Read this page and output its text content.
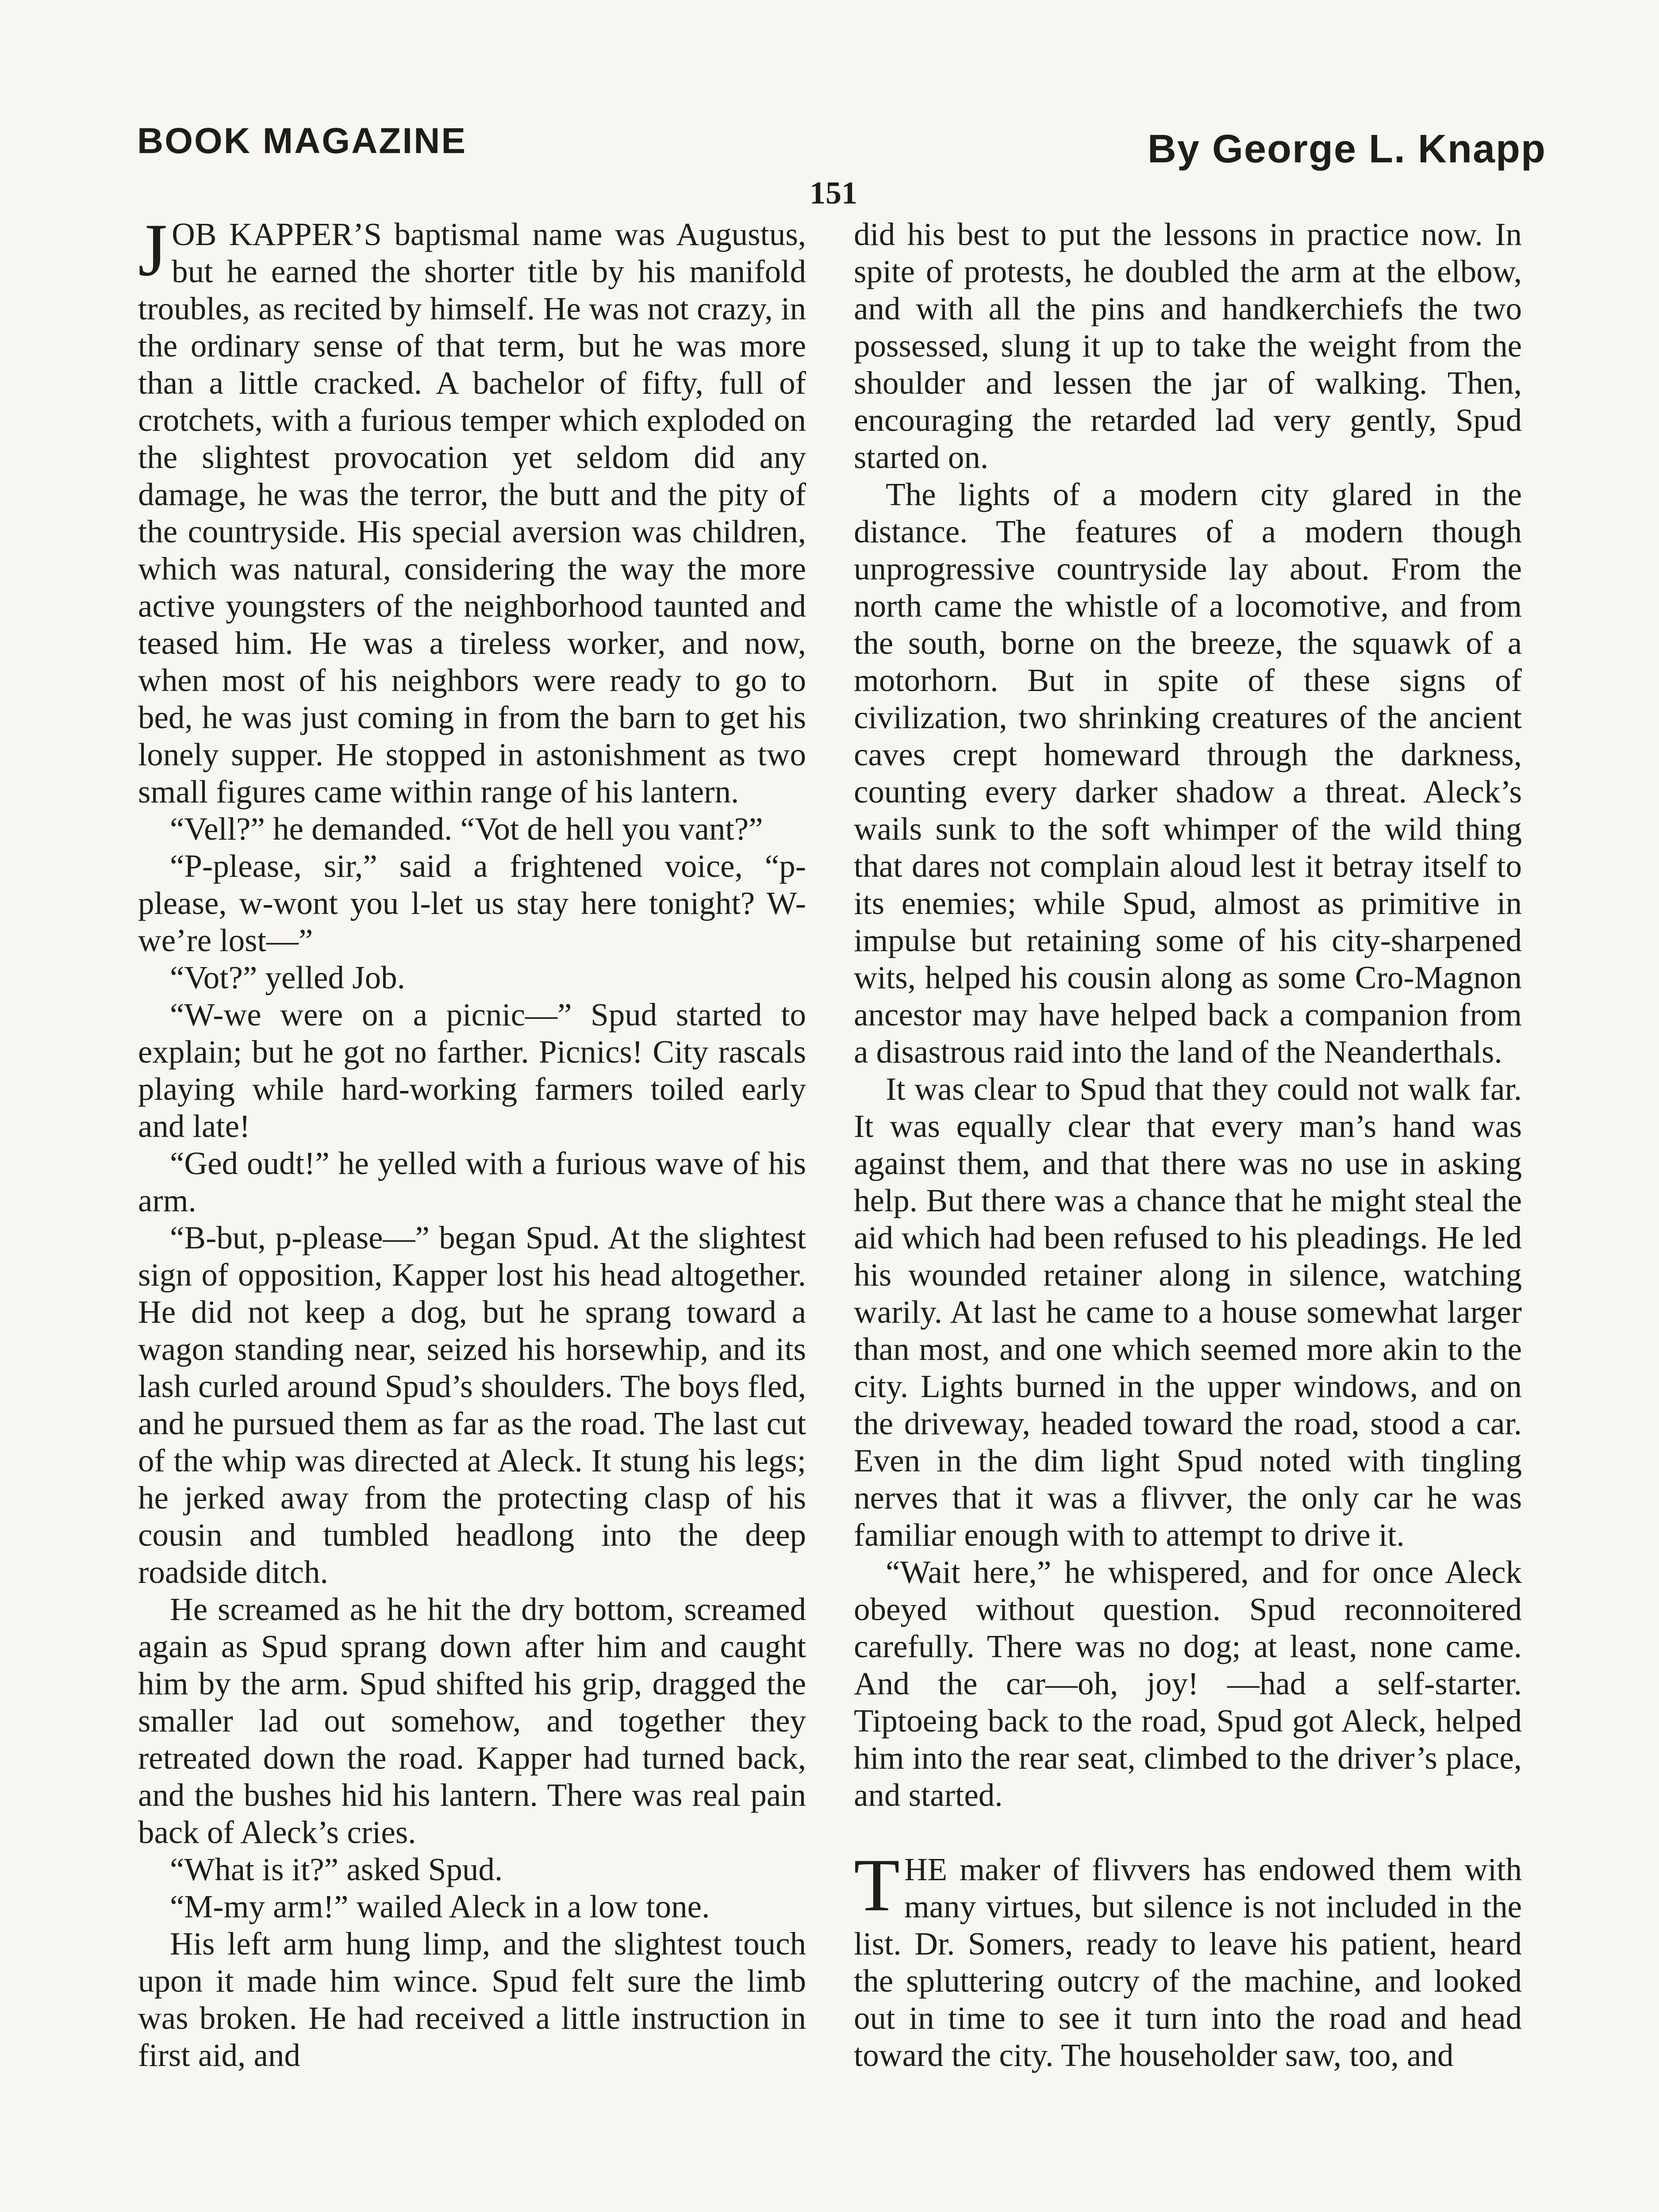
BOOK MAGAZINE	By George L. Knapp
151

JOB KAPPER’S baptismal name was Augustus, but he earned the shorter title by his manifold troubles, as recited by himself. He was not crazy, in the ordinary sense of that term, but he was more than a little cracked. A bachelor of fifty, full of crotchets, with a furious temper which exploded on the slightest provocation yet seldom did any damage, he was the terror, the butt and the pity of the countryside. His special aversion was children, which was natural, considering the way the more active youngsters of the neighborhood taunted and teased him. He was a tireless worker, and now, when most of his neighbors were ready to go to bed, he was just coming in from the barn to get his lonely supper. He stopped in astonishment as two small figures came within range of his lantern.

“Vell?” he demanded. “Vot de hell you vant?”

“P-please, sir,” said a frightened voice, “p-please, w-wont you l-let us stay here tonight? W-we’re lost—”

“Vot?” yelled Job.

“W-we were on a picnic—” Spud started to explain; but he got no farther. Picnics! City rascals playing while hard-working farmers toiled early and late!

“Ged oudt!” he yelled with a furious wave of his arm.

“B-but, p-please—” began Spud. At the slightest sign of opposition, Kapper lost his head altogether. He did not keep a dog, but he sprang toward a wagon standing near, seized his horsewhip, and its lash curled around Spud’s shoulders. The boys fled, and he pursued them as far as the road. The last cut of the whip was directed at Aleck. It stung his legs; he jerked away from the protecting clasp of his cousin and tumbled headlong into the deep roadside ditch.

He screamed as he hit the dry bottom, screamed again as Spud sprang down after him and caught him by the arm. Spud shifted his grip, dragged the smaller lad out somehow, and together they retreated down the road. Kapper had turned back, and the bushes hid his lantern. There was real pain back of Aleck’s cries.

“What is it?” asked Spud.

“M-my arm!” wailed Aleck in a low tone.

His left arm hung limp, and the slightest touch upon it made him wince. Spud felt sure the limb was broken. He had received a little instruction in first aid, and

did his best to put the lessons in practice now. In spite of protests, he doubled the arm at the elbow, and with all the pins and handkerchiefs the two possessed, slung it up to take the weight from the shoulder and lessen the jar of walking. Then, encouraging the retarded lad very gently, Spud started on.

The lights of a modern city glared in the distance. The features of a modern though unprogressive countryside lay about. From the north came the whistle of a locomotive, and from the south, borne on the breeze, the squawk of a motorhorn. But in spite of these signs of civilization, two shrinking creatures of the ancient caves crept homeward through the darkness, counting every darker shadow a threat. Aleck’s wails sunk to the soft whimper of the wild thing that dares not complain aloud lest it betray itself to its enemies; while Spud, almost as primitive in impulse but retaining some of his city-sharpened wits, helped his cousin along as some Cro-Magnon ancestor may have helped back a companion from a disastrous raid into the land of the Neanderthals.

It was clear to Spud that they could not walk far. It was equally clear that every man’s hand was against them, and that there was no use in asking help. But there was a chance that he might steal the aid which had been refused to his pleadings. He led his wounded retainer along in silence, watching warily. At last he came to a house somewhat larger than most, and one which seemed more akin to the city. Lights burned in the upper windows, and on the driveway, headed toward the road, stood a car. Even in the dim light Spud noted with tingling nerves that it was a flivver, the only car he was familiar enough with to attempt to drive it.

“Wait here,” he whispered, and for once Aleck obeyed without question. Spud reconnoitered carefully. There was no dog; at least, none came. And the car—oh, joy! —had a self-starter. Tiptoeing back to the road, Spud got Aleck, helped him into the rear seat, climbed to the driver’s place, and started.

THE maker of flivvers has endowed them with many virtues, but silence is not included in the list. Dr. Somers, ready to leave his patient, heard the spluttering outcry of the machine, and looked out in time to see it turn into the road and head toward the city. The householder saw, too, and
